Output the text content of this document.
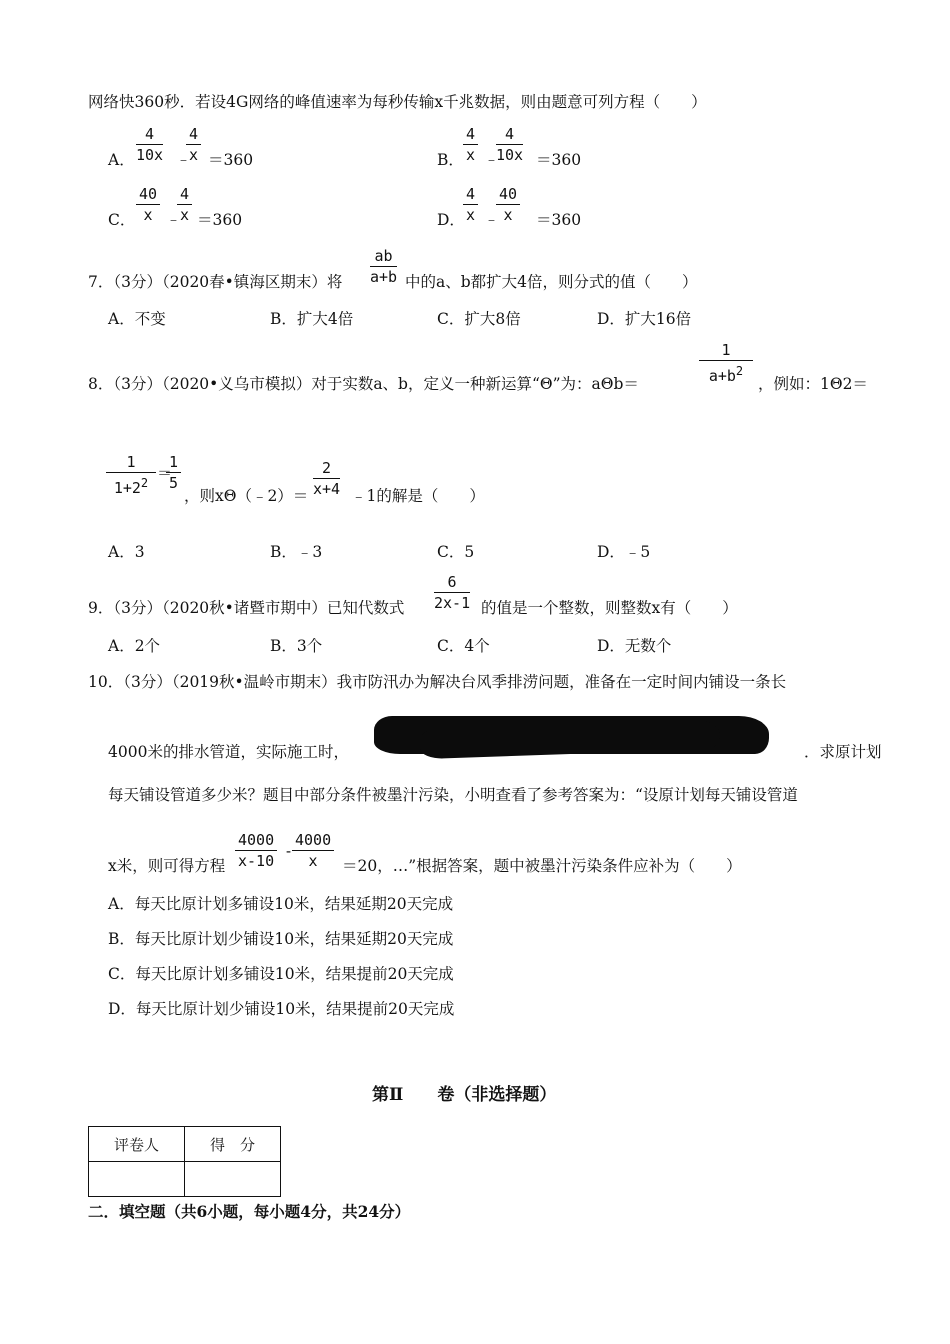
网络快360秒．若设4G网络的峰值速率为每秒传输x千兆数据，则由题意可列方程（　　）
A． $\frac{4}{10x}$ ﹣
$\frac{4}{x} =360$	B． $\frac{4}{x}$ ﹣
$\frac{4}{10x} =360$
C． $\frac{40}{x}$ ﹣
$\frac{4}{x} =360$	D．
$\frac{4}{x}$ ﹣
$\frac{40}{x} =360$
7．（3分）（2020春•镇海区期末）将 $\frac{ab}{a+b}$ 中的a、b都扩大4倍，则分式的值（　　）
A．不变	B．扩大4倍	C．扩大8倍	D．扩大16倍
8．（3分）（2020•义乌市模拟）对于实数a、b，定义一种新运算“Θ”为：aΘb＝	$\frac{1}{a+b^2}$ ，例如：1Θ2＝
$\frac{1}{1+2^2}$ ＝
$\frac{1}{5}$
，则xΘ（﹣2）＝ $\frac{2}{x+4}$ ﹣1的解是（　　）
A．3	B．﹣3	C．5	D．﹣5
9．（3分）（2020秋•诸暨市期中）已知代数式 $\frac{6}{2x-1}$ 的值是一个整数，则整数x有（　　）
A．2个	B．3个	C．4个	D．无数个
10．（3分）（2019秋•温岭市期末）我市防汛办为解决台风季排涝问题，准备在一定时间内铺设一条长
4000米的排水管道，实际施工时，	．求原计划
每天铺设管道多少米？题目中部分条件被墨汁污染，小明查看了参考答案为：“设原计划每天铺设管道
x米，则可得方程 $\frac{4000}{x-10}$ -
$\frac{4000}{x} =20$，…”根据答案，题中被墨汁污染条件应补为（　　）
A．每天比原计划多铺设10米，结果延期20天完成
B．每天比原计划少铺设10米，结果延期20天完成
C．每天比原计划多铺设10米，结果提前20天完成
D．每天比原计划少铺设10米，结果提前20天完成
第Ⅱ　　卷（非选择题）
评卷人	得　分

二．填空题（共6小题，每小题4分，共24分）
